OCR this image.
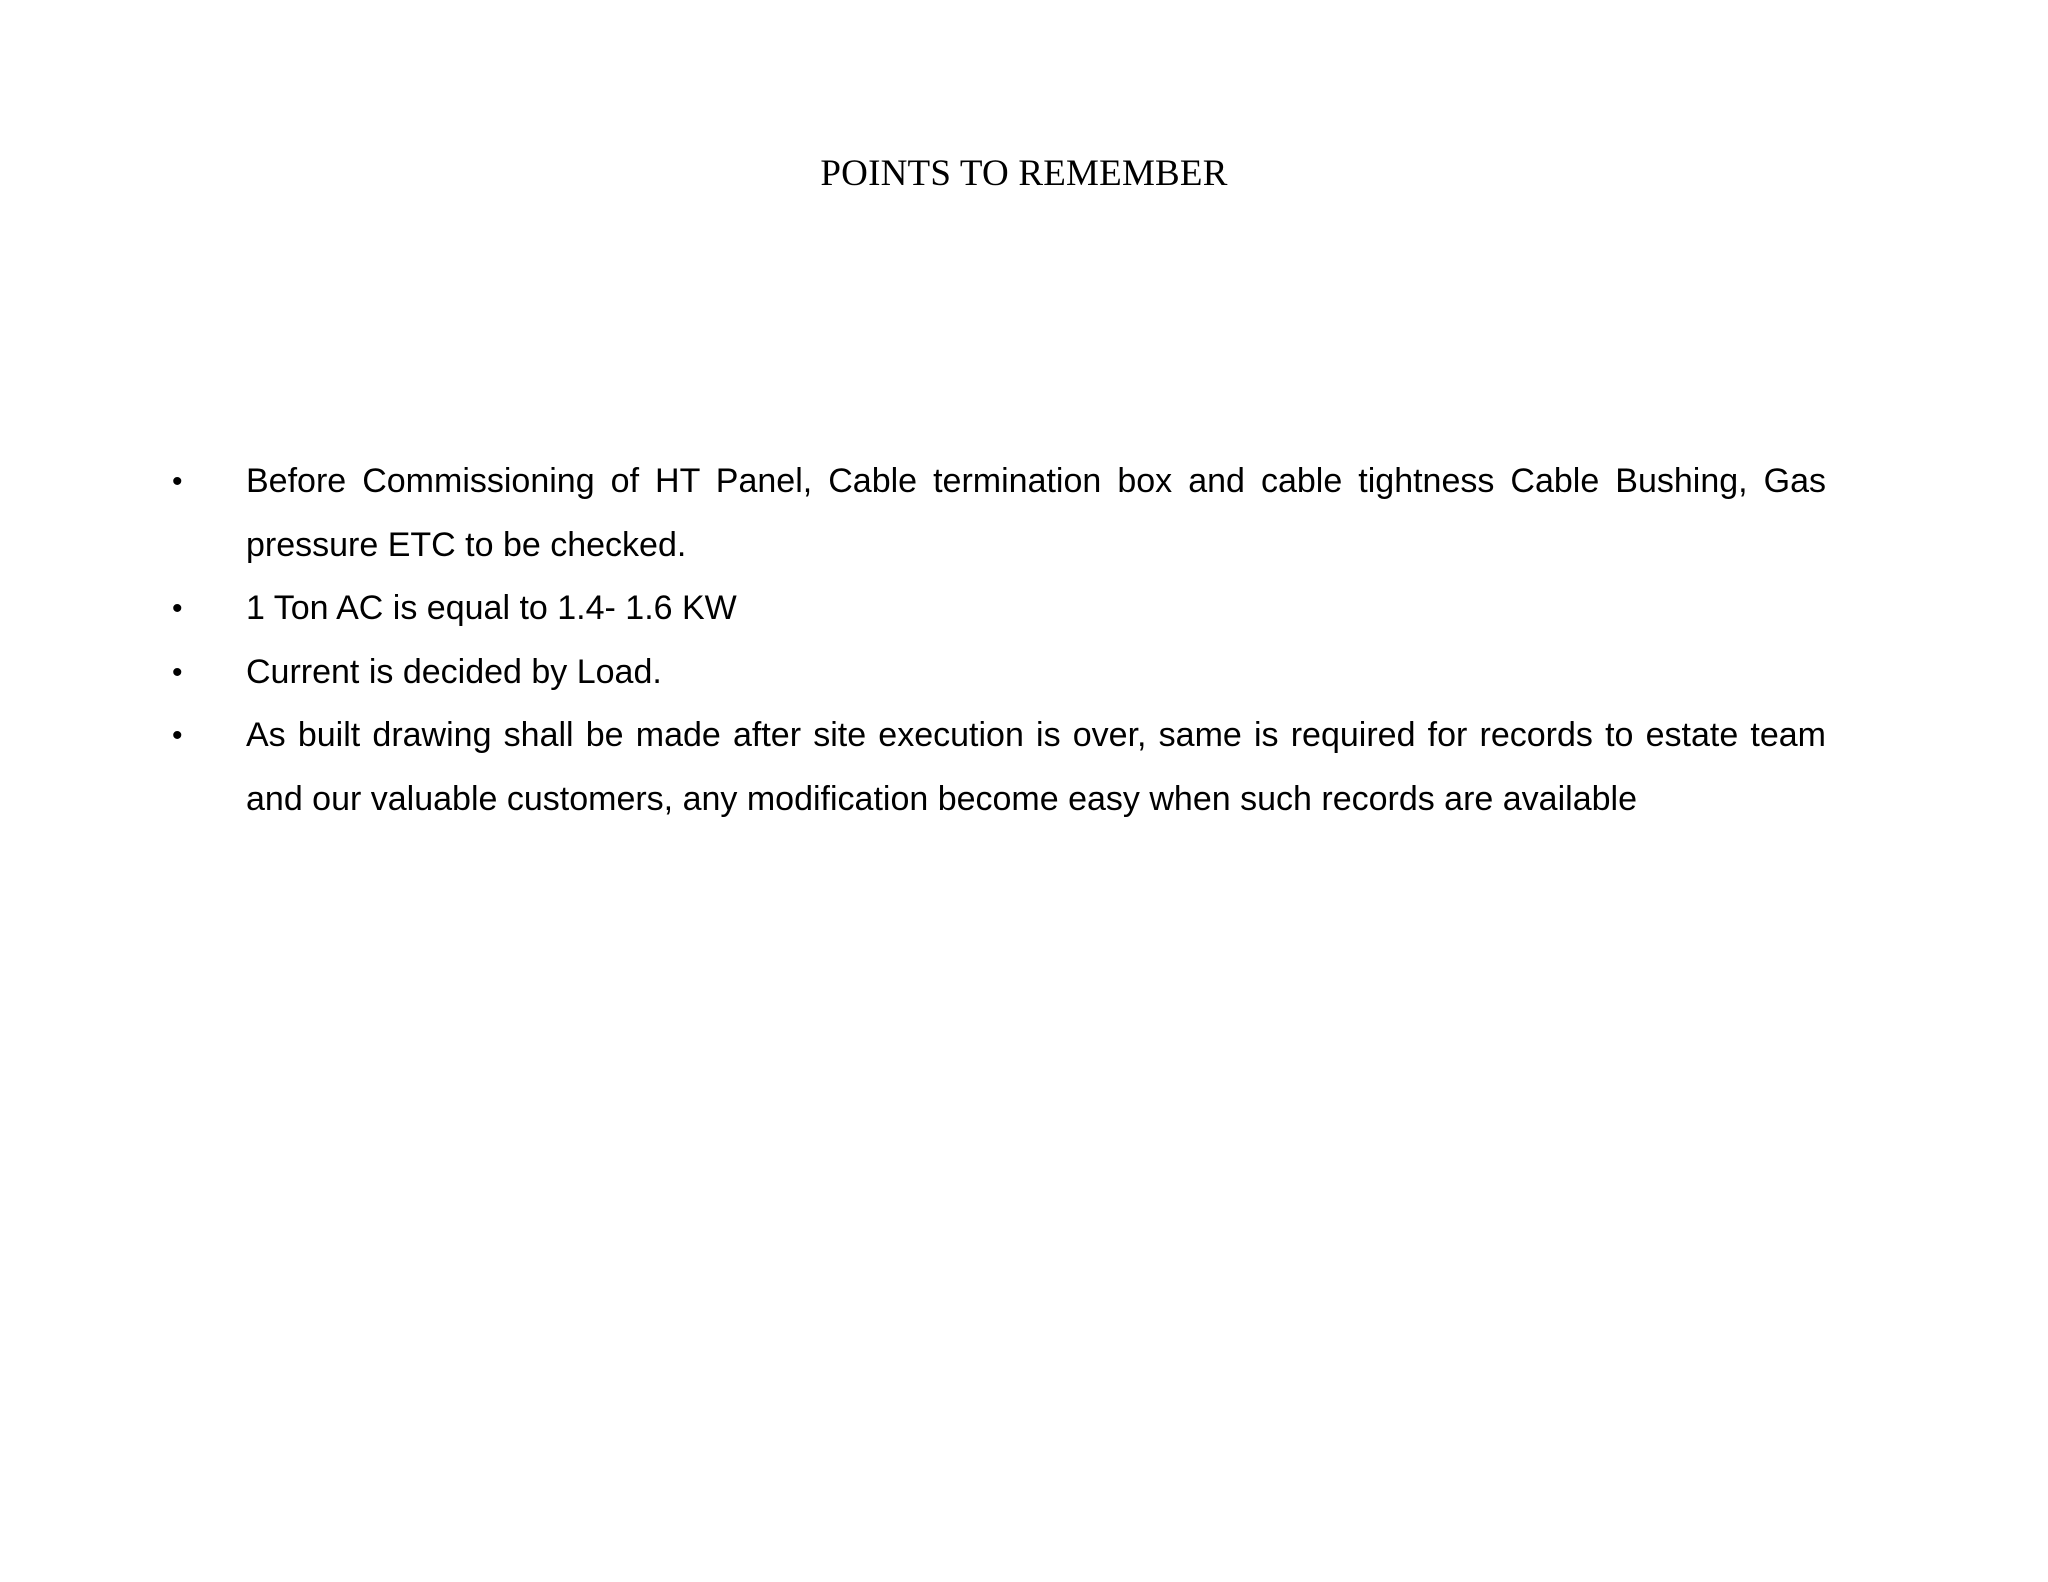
POINTS TO REMEMBER
•	Before Commissioning of HT Panel, Cable termination box and cable tightness Cable Bushing, Gas pressure ETC to be checked.
•	1 Ton AC is equal to 1.4- 1.6 KW
•	Current is decided by Load.
•	As built drawing shall be made after site execution is over, same is required for records to estate team and our valuable customers, any modification become easy when such records are available
